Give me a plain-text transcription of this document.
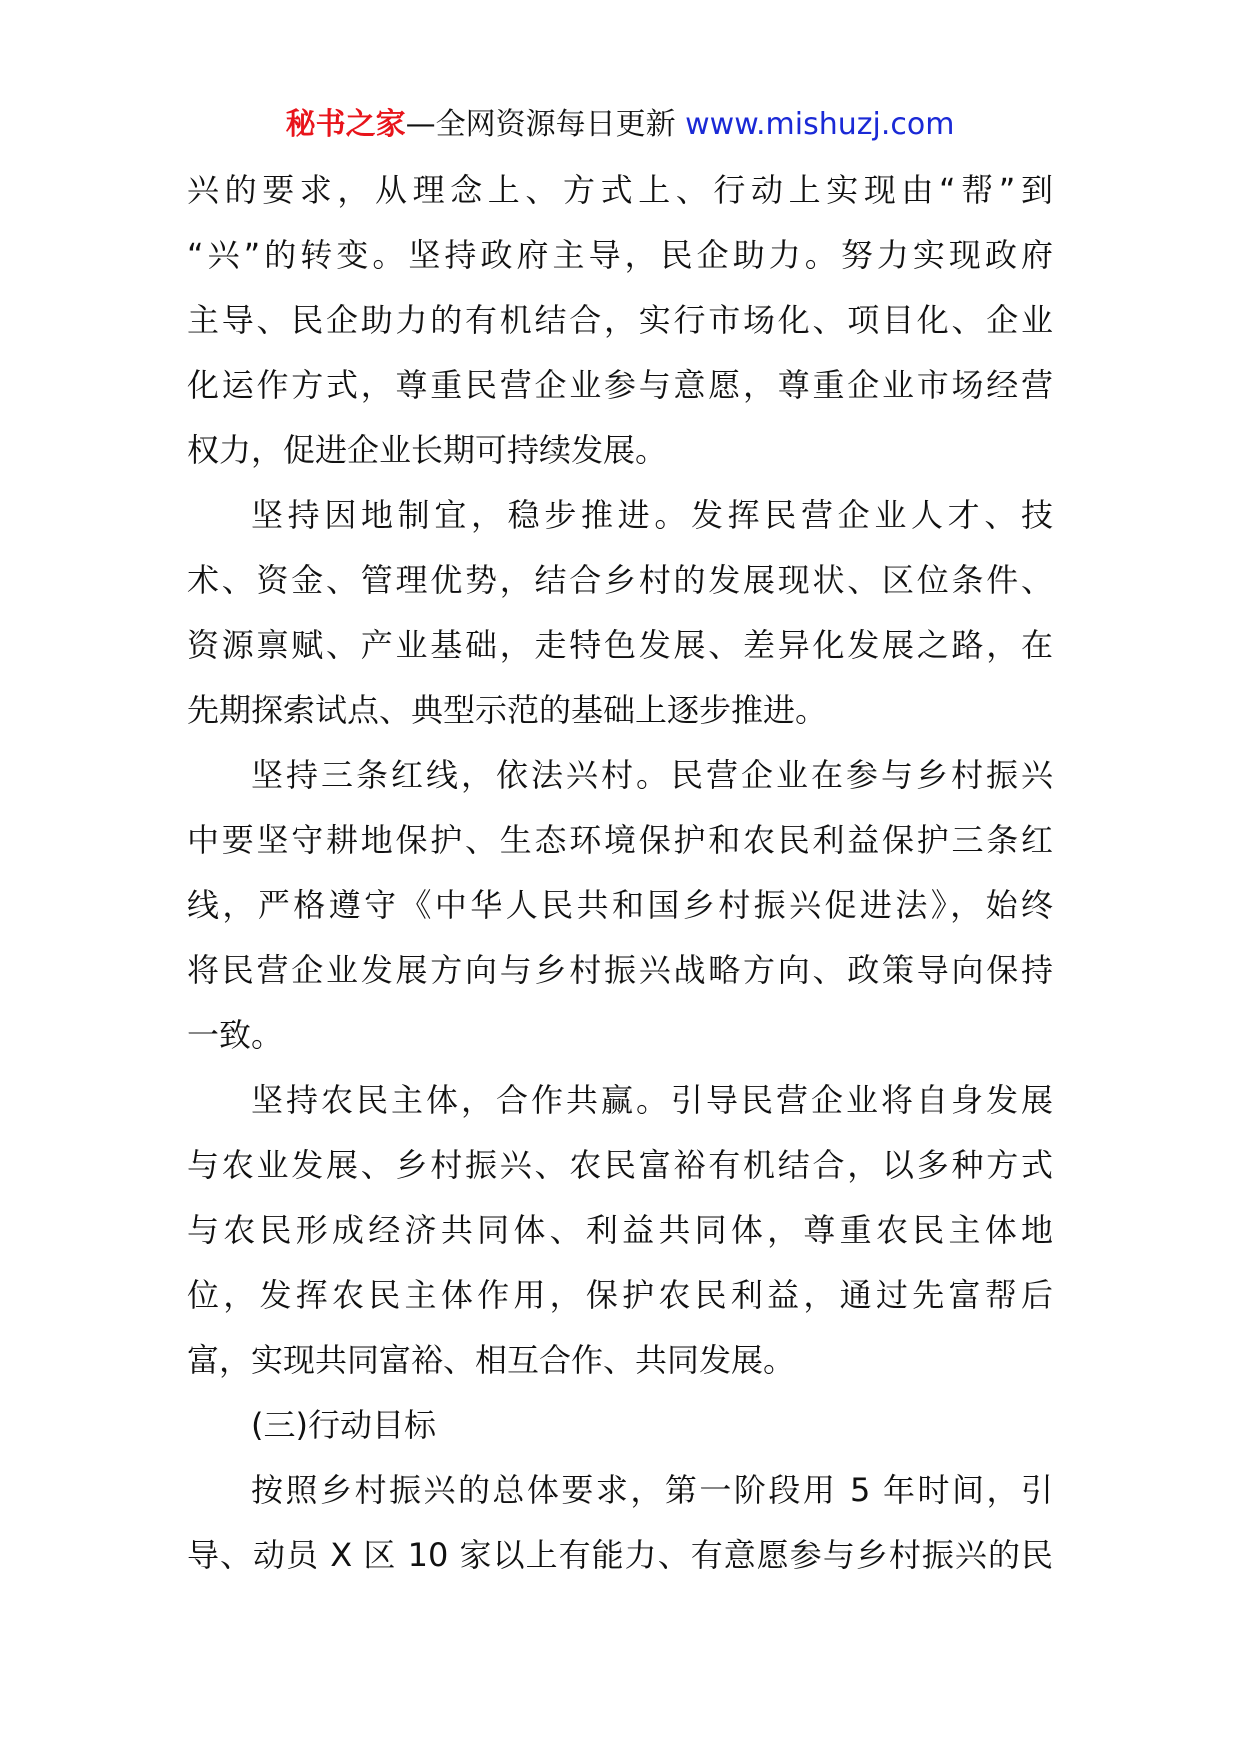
秘书之家—全网资源每日更新 www.mishuzj.com
兴的要求，从理念上、方式上、行动上实现由“帮”到
“兴”的转变。坚持政府主导，民企助力。努力实现政府
主导、民企助力的有机结合，实行市场化、项目化、企业
化运作方式，尊重民营企业参与意愿，尊重企业市场经营
权力，促进企业长期可持续发展。
坚持因地制宜，稳步推进。发挥民营企业人才、技
术、资金、管理优势，结合乡村的发展现状、区位条件、
资源禀赋、产业基础，走特色发展、差异化发展之路，在
先期探索试点、典型示范的基础上逐步推进。
坚持三条红线，依法兴村。民营企业在参与乡村振兴
中要坚守耕地保护、生态环境保护和农民利益保护三条红
线，严格遵守《中华人民共和国乡村振兴促进法》，始终
将民营企业发展方向与乡村振兴战略方向、政策导向保持
一致。
坚持农民主体，合作共赢。引导民营企业将自身发展
与农业发展、乡村振兴、农民富裕有机结合，以多种方式
与农民形成经济共同体、利益共同体，尊重农民主体地
位，发挥农民主体作用，保护农民利益，通过先富帮后
富，实现共同富裕、相互合作、共同发展。
(三)行动目标
按照乡村振兴的总体要求，第一阶段用 5 年时间，引
导、动员 X 区 10 家以上有能力、有意愿参与乡村振兴的民
